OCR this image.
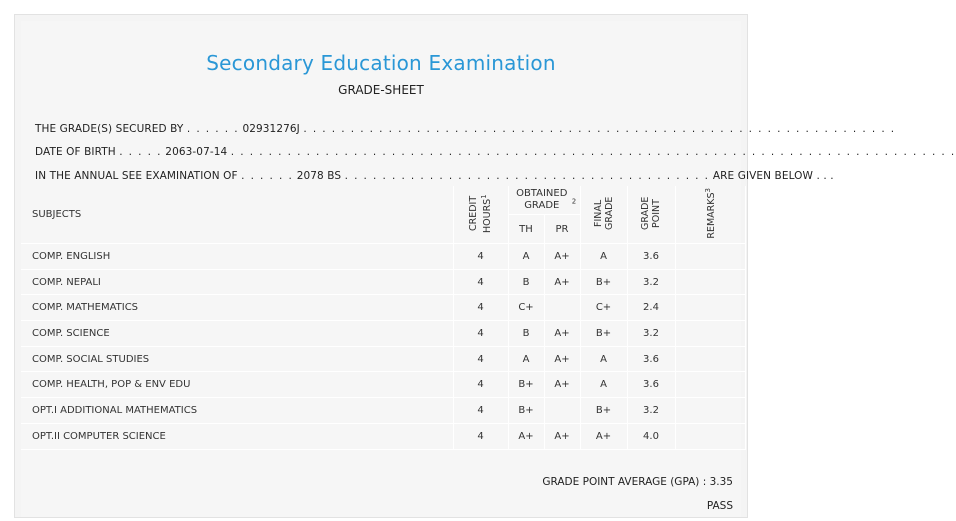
Secondary Education Examination
GRADE-SHEET
THE GRADE(S) SECURED BY . . . . . . 02931276J . . . . . . . . . . . . . . . . . . . . . . . . . . . . . . . . . . . . . . . . . . . . . . . . . . . . . . . . . . . . . . .
DATE OF BIRTH . . . . . 2063-07-14 . . . . . . . . . . . . . . . . . . . . . . . . . . . . . . . . . . . . . . . . . . . . . . . . . . . . . . . . . . . . . . . . . . . . . . . . . . . . .
IN THE ANNUAL SEE EXAMINATION OF . . . . . . 2078 BS . . . . . . . . . . . . . . . . . . . . . . . . . . . . . . . . . . . . . . . ARE GIVEN BELOW . . .
SUBJECTS	CREDIT HOURS$^1$	OBTAINED GRADE $^2$		FINAL GRADE	GRADE POINT	REMARKS$^3$
		TH	PR			
COMP. ENGLISH	4	A	A+	A	3.6	
COMP. NEPALI	4	B	A+	B+	3.2	
COMP. MATHEMATICS	4	C+		C+	2.4	
COMP. SCIENCE	4	B	A+	B+	3.2	
COMP. SOCIAL STUDIES	4	A	A+	A	3.6	
COMP. HEALTH, POP & ENV EDU	4	B+	A+	A	3.6	
OPT.I ADDITIONAL MATHEMATICS	4	B+		B+	3.2	
OPT.II COMPUTER SCIENCE	4	A+	A+	A+	4.0	
GRADE POINT AVERAGE (GPA) : 3.35
PASS
